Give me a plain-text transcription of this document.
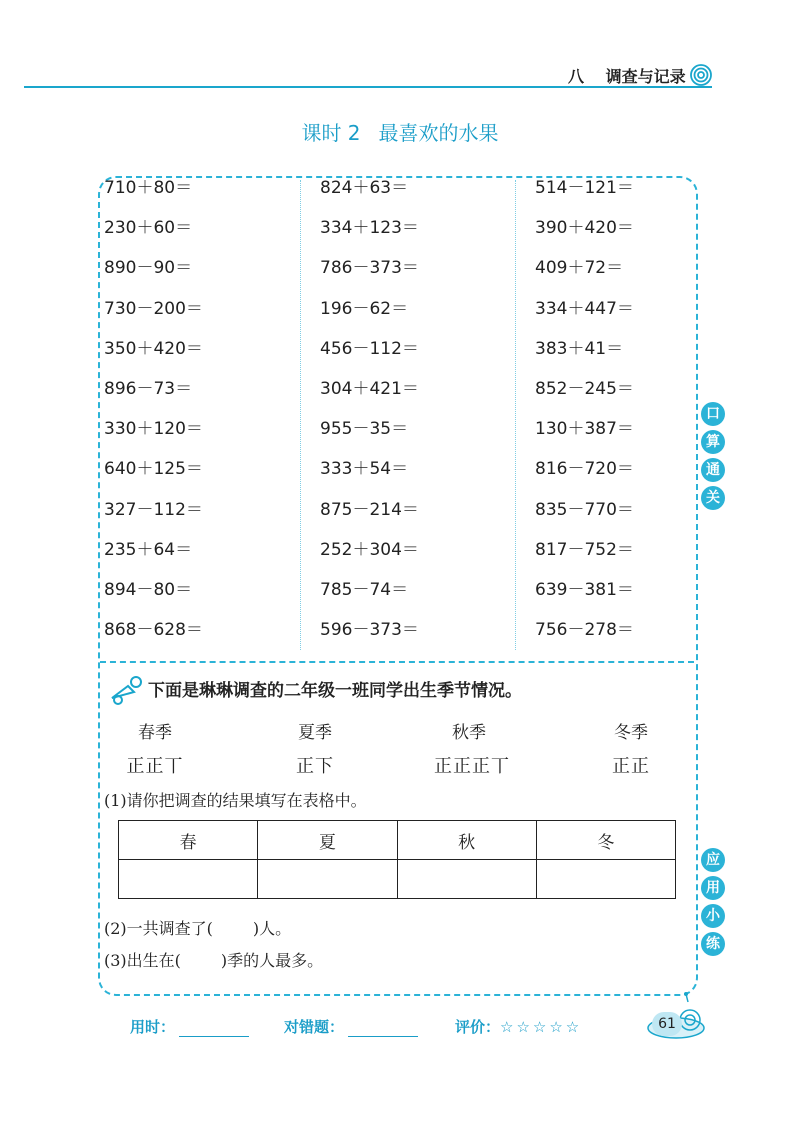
八 调查与记录
课时 2 最喜欢的水果
710＋80＝
230＋60＝
890－90＝
730－200＝
350＋420＝
896－73＝
330＋120＝
640＋125＝
327－112＝
235＋64＝
894－80＝
868－628＝
824＋63＝
334＋123＝
786－373＝
196－62＝
456－112＝
304＋421＝
955－35＝
333＋54＝
875－214＝
252＋304＝
785－74＝
596－373＝
514－121＝
390＋420＝
409＋72＝
334＋447＝
383＋41＝
852－245＝
130＋387＝
816－720＝
835－770＝
817－752＝
639－381＝
756－278＝
口
算
通
关
应
用
小
练
下面是琳琳调查的二年级一班同学出生季节情况。
春季	夏季	秋季	冬季
正正丅	正下	正正正丅	正正
(1)请你把调查的结果填写在表格中。
春	夏	秋	冬

(2)一共调查了(	)人。
(3)出生在(	)季的人最多。
用时：	对错题：	评价：☆☆☆☆☆	61
